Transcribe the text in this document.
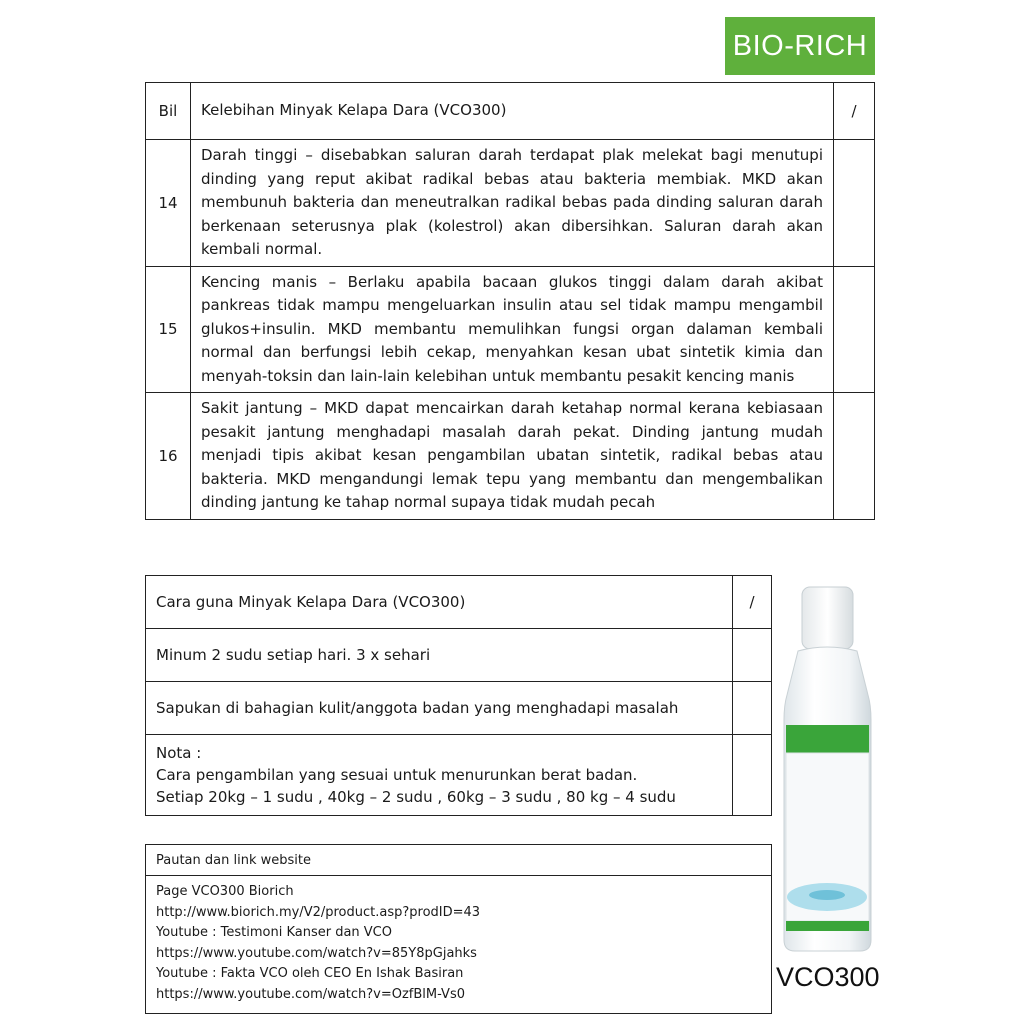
BIO-RICH
Bil	Kelebihan Minyak Kelapa Dara (VCO300)	/
14	Darah tinggi – disebabkan saluran darah terdapat plak melekat bagi menutupi dinding yang reput akibat radikal bebas atau bakteria membiak. MKD akan membunuh bakteria dan meneutralkan radikal bebas pada dinding saluran darah berkenaan seterusnya plak (kolestrol) akan dibersihkan. Saluran darah akan kembali normal.	
15	Kencing manis – Berlaku apabila bacaan glukos tinggi dalam darah akibat pankreas tidak mampu mengeluarkan insulin atau sel tidak mampu mengambil glukos+insulin. MKD membantu memulihkan fungsi organ dalaman kembali normal dan berfungsi lebih cekap, menyahkan kesan ubat sintetik kimia dan menyah-toksin dan lain-lain kelebihan untuk membantu pesakit kencing manis	
16	Sakit jantung – MKD dapat mencairkan darah ketahap normal kerana kebiasaan pesakit jantung menghadapi masalah darah pekat. Dinding jantung mudah menjadi tipis akibat kesan pengambilan ubatan sintetik, radikal bebas atau bakteria. MKD mengandungi lemak tepu yang membantu dan mengembalikan dinding jantung ke tahap normal supaya tidak mudah pecah	
Cara guna Minyak Kelapa Dara (VCO300)	/
Minum 2 sudu setiap hari. 3 x sehari	
Sapukan di bahagian kulit/anggota badan yang menghadapi masalah	

Nota :
Cara pengambilan yang sesuai untuk menurunkan berat badan.
Setiap 20kg – 1 sudu , 40kg – 2 sudu , 60kg – 3 sudu , 80 kg – 4 sudu	

Pautan dan link website

Page VCO300 Biorich
http://www.biorich.my/V2/product.asp?prodID=43
Youtube : Testimoni Kanser dan VCO
https://www.youtube.com/watch?v=85Y8pGjahks
Youtube : Fakta VCO oleh CEO En Ishak Basiran
https://www.youtube.com/watch?v=OzfBlM-Vs0
VCO300
